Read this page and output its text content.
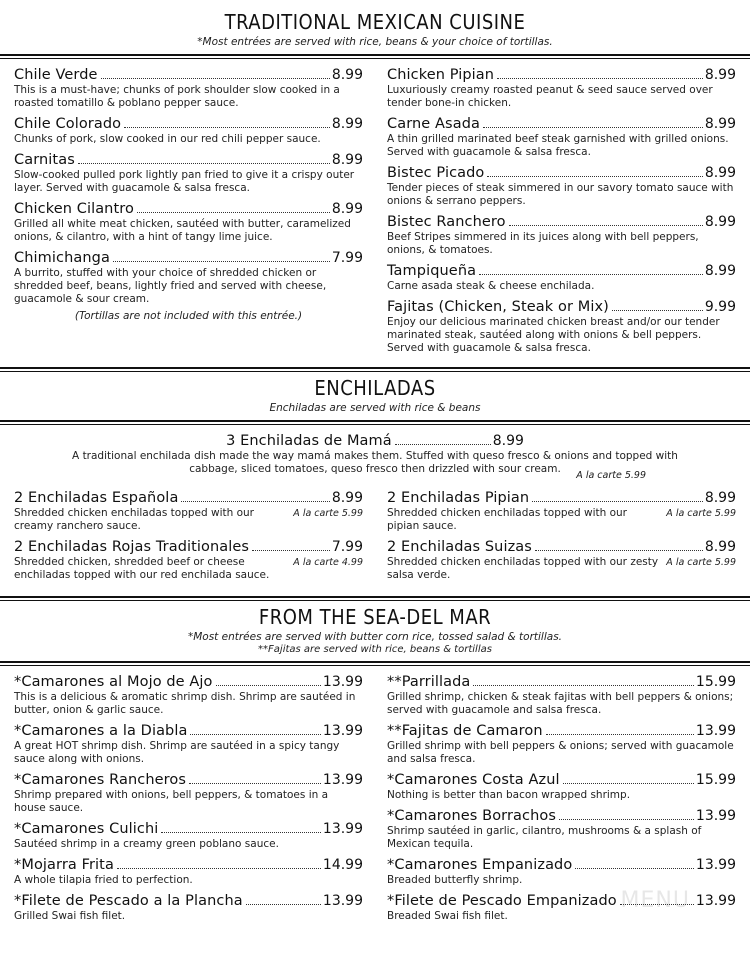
TRADITIONAL MEXICAN CUISINE
*Most entrées are served with rice, beans & your choice of tortillas.
Chile Verde	8.99
This is a must-have; chunks of pork shoulder slow cooked in a roasted tomatillo & poblano pepper sauce.
Chile Colorado	8.99
Chunks of pork, slow cooked in our red chili pepper sauce.
Carnitas	8.99
Slow-cooked pulled pork lightly pan fried to give it a crispy outer layer. Served with guacamole & salsa fresca.
Chicken Cilantro	8.99
Grilled all white meat chicken, sautéed with butter, caramelized onions, & cilantro, with a hint of tangy lime juice.
Chimichanga	7.99
A burrito, stuffed with your choice of shredded chicken or shredded beef, beans, lightly fried and served with cheese, guacamole & sour cream.
(Tortillas are not included with this entrée.)
Chicken Pipian	8.99
Luxuriously creamy roasted peanut & seed sauce served over tender bone-in chicken.
Carne Asada	8.99
A thin grilled marinated beef steak garnished with grilled onions. Served with guacamole & salsa fresca.
Bistec Picado	8.99
Tender pieces of steak simmered in our savory tomato sauce with onions & serrano peppers.
Bistec Ranchero	8.99
Beef Stripes simmered in its juices along with bell peppers, onions, & tomatoes.
Tampiqueña	8.99
Carne asada steak & cheese enchilada.
Fajitas (Chicken, Steak or Mix)	9.99
Enjoy our delicious marinated chicken breast and/or our tender marinated steak, sautéed along with onions & bell peppers. Served with guacamole & salsa fresca.
ENCHILADAS
Enchiladas are served with rice & beans
3 Enchiladas de Mamá	8.99
A traditional enchilada dish made the way mamá makes them. Stuffed with queso fresco & onions and topped with cabbage, sliced tomatoes, queso fresco then drizzled with sour cream.
A la carte 5.99
2 Enchiladas Española	8.99
A la carte 5.99
Shredded chicken enchiladas topped with our creamy ranchero sauce.
2 Enchiladas Rojas Traditionales	7.99
A la carte 4.99
Shredded chicken, shredded beef or cheese enchiladas topped with our red enchilada sauce.
2 Enchiladas Pipian	8.99
A la carte 5.99
Shredded chicken enchiladas topped with our pipian sauce.
2 Enchiladas Suizas	8.99
A la carte 5.99
Shredded chicken enchiladas topped with our zesty salsa verde.
FROM THE SEA-DEL MAR
*Most entrées are served with butter corn rice, tossed salad & tortillas.
**Fajitas are served with rice, beans & tortillas
*Camarones al Mojo de Ajo	13.99
This is a delicious & aromatic shrimp dish. Shrimp are sautéed in butter, onion & garlic sauce.
*Camarones a la Diabla	13.99
A great HOT shrimp dish. Shrimp are sautéed in a spicy tangy sauce along with onions.
*Camarones Rancheros	13.99
Shrimp prepared with onions, bell peppers, & tomatoes in a house sauce.
*Camarones Culichi	13.99
Sautéed shrimp in a creamy green poblano sauce.
*Mojarra Frita	14.99
A whole tilapia fried to perfection.
*Filete de Pescado a la Plancha	13.99
Grilled Swai fish filet.
**Parrillada	15.99
Grilled shrimp, chicken & steak fajitas with bell peppers & onions; served with guacamole and salsa fresca.
**Fajitas de Camaron	13.99
Grilled shrimp with bell peppers & onions; served with guacamole and salsa fresca.
*Camarones Costa Azul	15.99
Nothing is better than bacon wrapped shrimp.
*Camarones Borrachos	13.99
Shrimp sautéed in garlic, cilantro, mushrooms & a splash of Mexican tequila.
*Camarones Empanizado	13.99
Breaded butterfly shrimp.
*Filete de Pescado Empanizado	13.99
Breaded Swai fish filet.
MENU
